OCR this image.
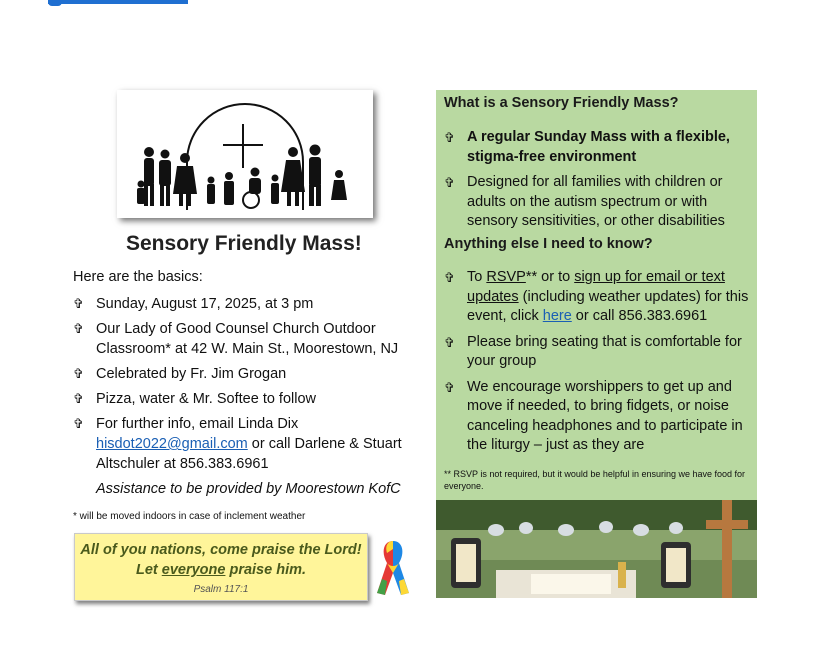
Sensory Friendly Mass!
Here are the basics:
✞ Sunday, August 17, 2025, at 3 pm
✞ Our Lady of Good Counsel Church Outdoor Classroom* at 42 W. Main St., Moorestown, NJ
✞ Celebrated by Fr. Jim Grogan
✞ Pizza, water & Mr. Softee to follow
✞ For further info, email Linda Dix
hisdot2022@gmail.com or call Darlene & Stuart Altschuler at 856.383.6961
Assistance to be provided by Moorestown KofC
* will be moved indoors in case of inclement weather
All of you nations, come praise the Lord!
Let everyone praise him.
Psalm 117:1
What is a Sensory Friendly Mass?
✞ A regular Sunday Mass with a flexible, stigma-free environment
✞ Designed for all families with children or adults on the autism spectrum or with sensory sensitivities, or other disabilities
Anything else I need to know?
✞ To RSVP** or to sign up for email or text updates (including weather updates) for this event, click here or call 856.383.6961
✞ Please bring seating that is comfortable for your group
✞ We encourage worshippers to get up and move if needed, to bring fidgets, or noise canceling headphones and to participate in the liturgy – just as they are
** RSVP is not required, but it would be helpful in ensuring we have food for everyone.
